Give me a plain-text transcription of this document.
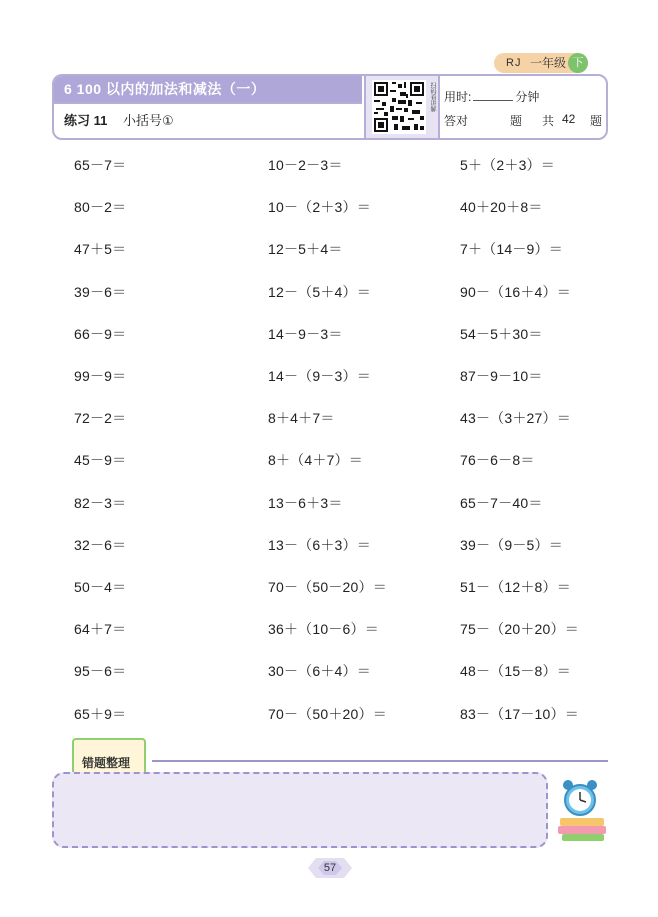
RJ 一年级 下
6 100 以内的加法和减法（一）
练习 11 小括号①
扫码看讲解 用时:	分钟
答对	题 共 42 题
65－7＝
80－2＝
47＋5＝
39－6＝
66－9＝
99－9＝
72－2＝
45－9＝
82－3＝
32－6＝
50－4＝
64＋7＝
95－6＝
65＋9＝
10－2－3＝
10－（2＋3）＝
12－5＋4＝
12－（5＋4）＝
14－9－3＝
14－（9－3）＝
8＋4＋7＝
8＋（4＋7）＝
13－6＋3＝
13－（6＋3）＝
70－（50－20）＝
36＋（10－6）＝
30－（6＋4）＝
70－（50＋20）＝
5＋（2＋3）＝
40＋20＋8＝
7＋（14－9）＝
90－（16＋4）＝
54－5＋30＝
87－9－10＝
43－（3＋27）＝
76－6－8＝
65－7－40＝
39－（9－5）＝
51－（12＋8）＝
75－（20＋20）＝
48－（15－8）＝
83－（17－10）＝
错题整理
57
